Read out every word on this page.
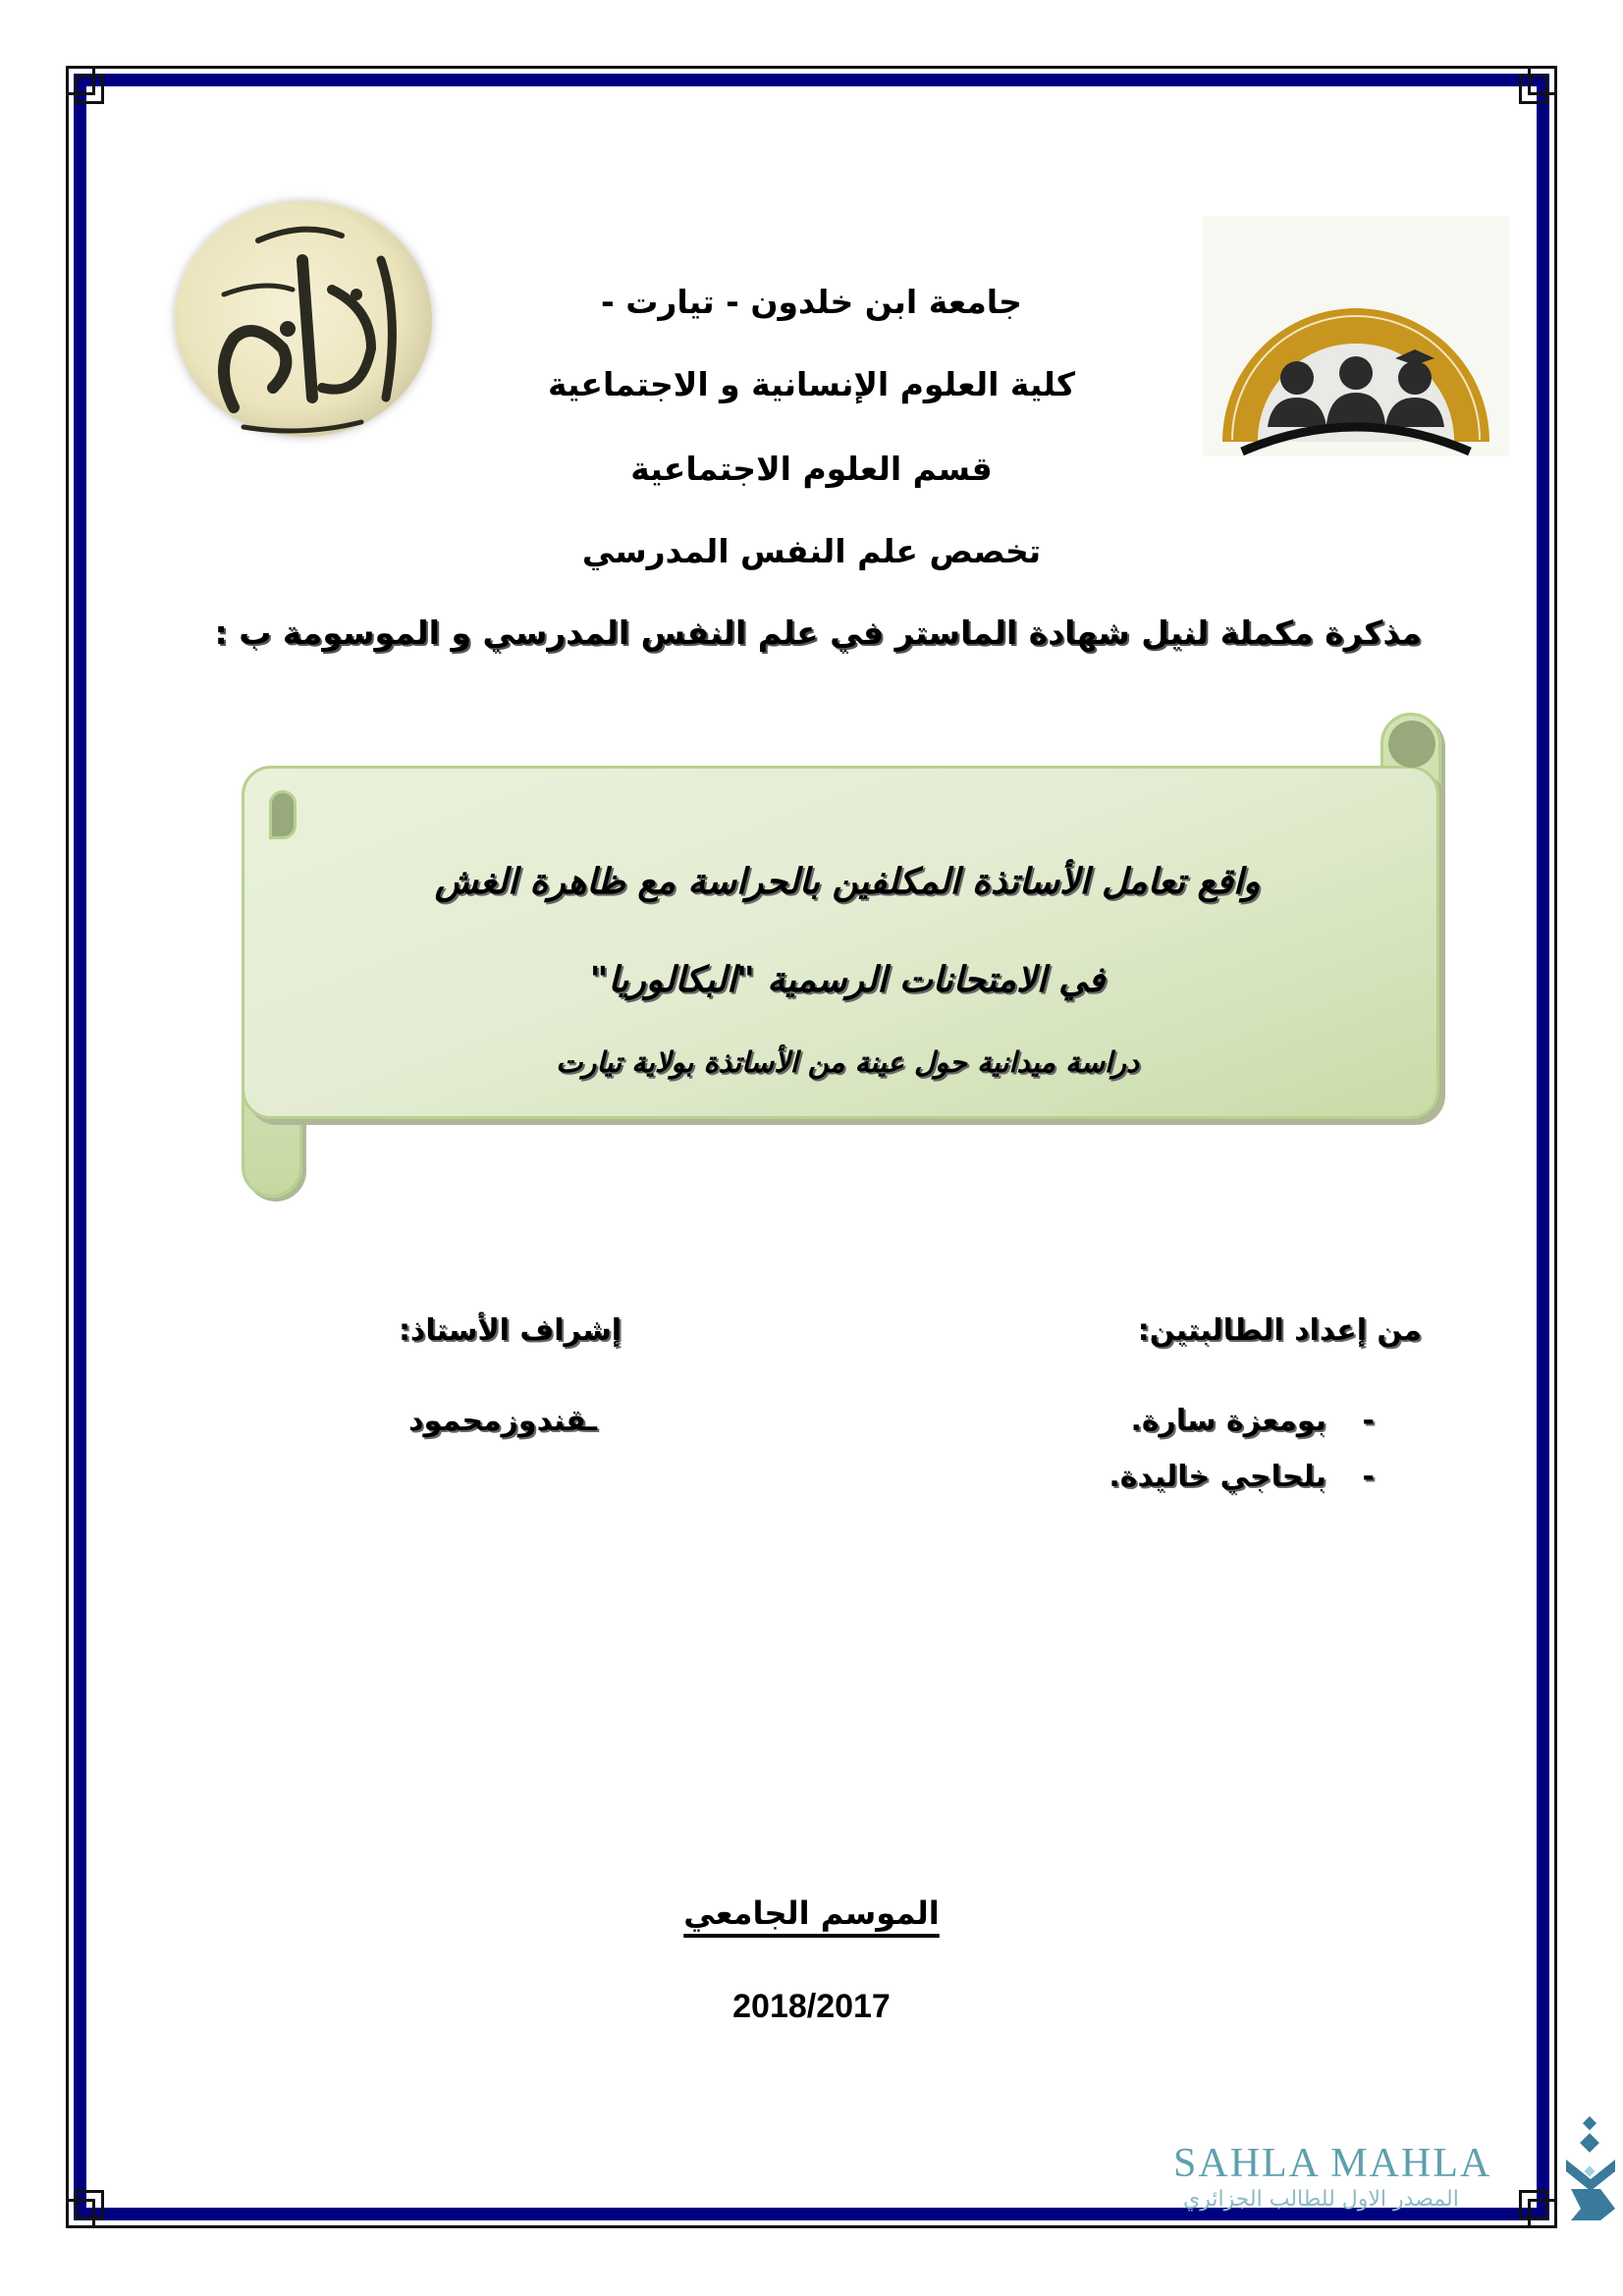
جامعة ابن خلدون - تيارت -
كلية العلوم الإنسانية و الاجتماعية
قسم العلوم الاجتماعية
تخصص علم النفس المدرسي
مذكرة مكملة لنيل شهادة الماستر في علم النفس المدرسي و الموسومة ب :
واقع تعامل الأساتذة المكلفين بالحراسة مع ظاهرة الغش
في الامتحانات الرسمية "البكالوريا"
دراسة ميدانية حول عينة من الأساتذة بولاية تيارت
من إعداد الطالبتين:
إشراف الأستاذ:
-
بومعزة سارة.
-
بلحاجي خاليدة.
ـقندوزمحمود
الموسم الجامعي
2018/2017
SAHLA MAHLA
المصدر الاول للطالب الجزائري
